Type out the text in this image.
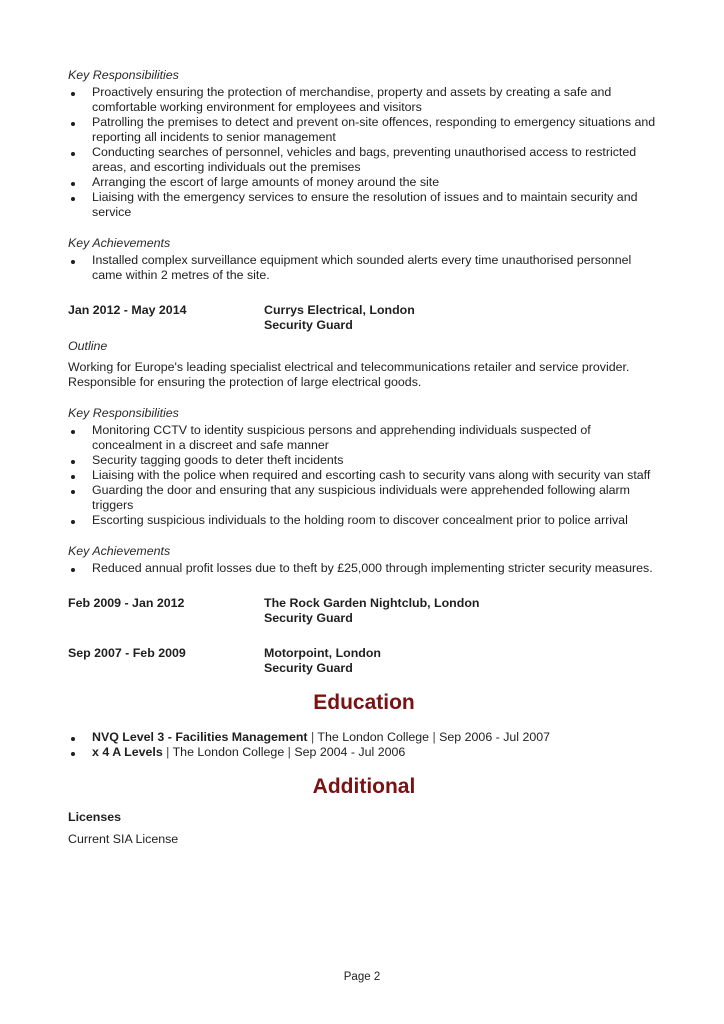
Key Responsibilities
Proactively ensuring the protection of merchandise, property and assets by creating a safe and comfortable working environment for employees and visitors
Patrolling the premises to detect and prevent on-site offences, responding to emergency situations and reporting all incidents to senior management
Conducting searches of personnel, vehicles and bags, preventing unauthorised access to restricted areas, and escorting individuals out the premises
Arranging the escort of large amounts of money around the site
Liaising with the emergency services to ensure the resolution of issues and to maintain security and service
Key Achievements
Installed complex surveillance equipment which sounded alerts every time unauthorised personnel came within 2 metres of the site.
Jan 2012 - May 2014	Currys Electrical, London
Security Guard
Outline

Working for Europe's leading specialist electrical and telecommunications retailer and service provider. Responsible for ensuring the protection of large electrical goods.

Key Responsibilities
Monitoring CCTV to identity suspicious persons and apprehending individuals suspected of concealment in a discreet and safe manner
Security tagging goods to deter theft incidents
Liaising with the police when required and escorting cash to security vans along with security van staff
Guarding the door and ensuring that any suspicious individuals were apprehended following alarm triggers
Escorting suspicious individuals to the holding room to discover concealment prior to police arrival
Key Achievements
Reduced annual profit losses due to theft by £25,000 through implementing stricter security measures.
Feb 2009 - Jan 2012	The Rock Garden Nightclub, London
Security Guard
Sep 2007 - Feb 2009	Motorpoint, London
Security Guard
Education
NVQ Level 3 - Facilities Management | The London College | Sep 2006 - Jul 2007
x 4 A Levels | The London College | Sep 2004 - Jul 2006
Additional
Licenses
Current SIA License
Page 2
